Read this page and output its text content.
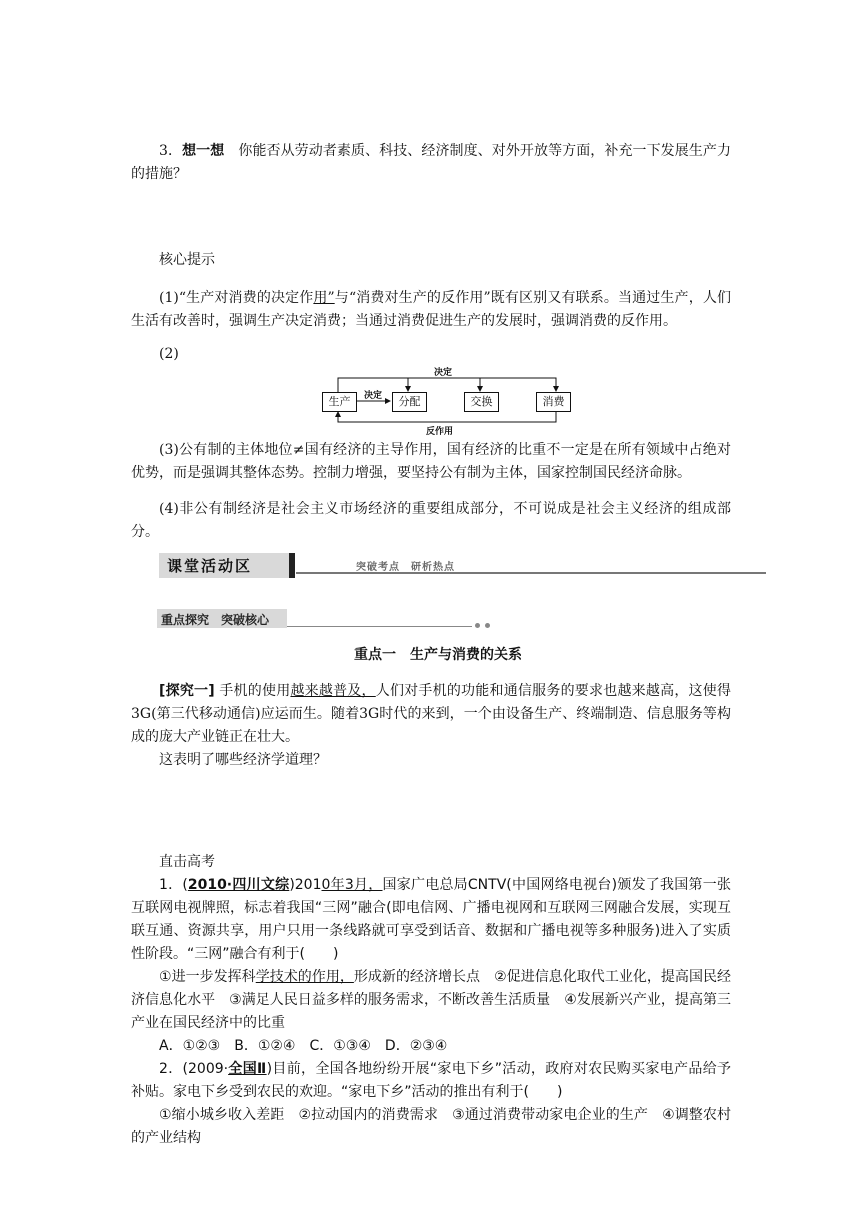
3．想一想　 你能否从劳动者素质、科技、经济制度、对外开放等方面，补充一下发展生产力的措施？

核心提示

(1)“生产对消费的决定作用”与“消费对生产的反作用”既有区别又有联系。当通过生产，人们生活有改善时，强调生产决定消费；当通过消费促进生产的发展时，强调消费的反作用。

(2)

生产	分配	交换	消费
决定
决定
反作用
(3)公有制的主体地位≠国有经济的主导作用，国有经济的比重不一定是在所有领域中占绝对优势，而是强调其整体态势。控制力增强，要坚持公有制为主体，国家控制国民经济命脉。
(4)非公有制经济是社会主义市场经济的重要组成部分，不可说成是社会主义经济的组成部分。
课堂活动区	突破考点　研析热点
重点探究　突破核心

重点一　生产与消费的关系

[探究一] 手机的使用越来越普及，人们对手机的功能和通信服务的要求也越来越高，这使得3G(第三代移动通信)应运而生。随着3G时代的来到，一个由设备生产、终端制造、信息服务等构成的庞大产业链正在壮大。

这表明了哪些经济学道理？

直击高考

1．(2010·四川文综)2010年3月，国家广电总局CNTV(中国网络电视台)颁发了我国第一张互联网电视牌照，标志着我国“三网”融合(即电信网、广播电视网和互联网三网融合发展，实现互联互通、资源共享，用户只用一条线路就可享受到话音、数据和广播电视等多种服务)进入了实质性阶段。“三网”融合有利于(　　)
①进一步发挥科学技术的作用，形成新的经济增长点　②促进信息化取代工业化，提高国民经济信息化水平　③满足人民日益多样的服务需求，不断改善生活质量　④发展新兴产业，提高第三产业在国民经济中的比重

A．①②③　B．①②④　C．①③④　D．②③④

2．(2009·全国Ⅱ)目前，全国各地纷纷开展“家电下乡”活动，政府对农民购买家电产品给予补贴。家电下乡受到农民的欢迎。“家电下乡”活动的推出有利于(　　)
①缩小城乡收入差距　②拉动国内的消费需求　③通过消费带动家电企业的生产　④调整农村的产业结构
